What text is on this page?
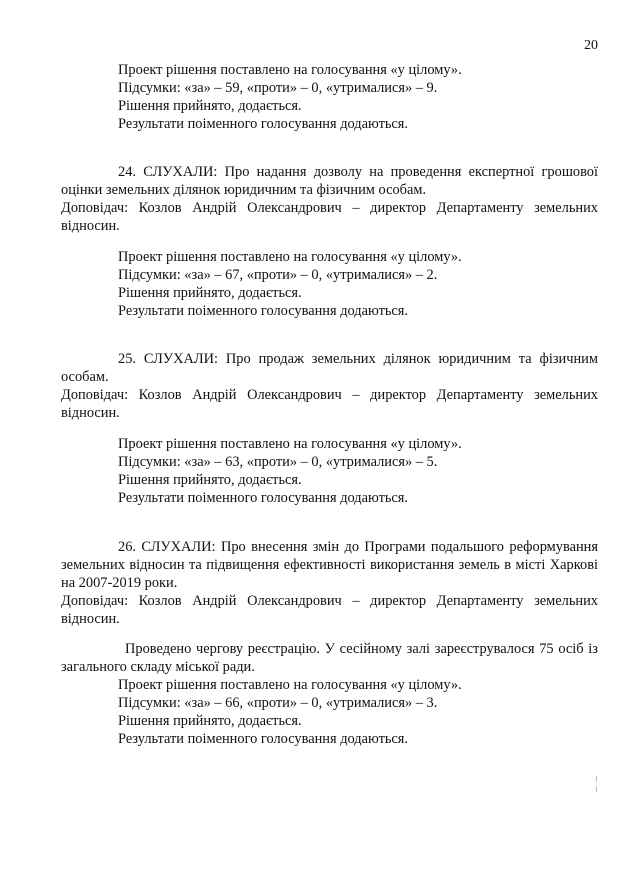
20
Проект рішення поставлено на голосування «у цілому».
Підсумки: «за» – 59, «проти» – 0, «утрималися» – 9.
Рішення прийнято, додається.
Результати поіменного голосування додаються.
24. СЛУХАЛИ: Про надання дозволу на проведення експертної грошової оцінки земельних ділянок юридичним та фізичним особам.
Доповідач: Козлов Андрій Олександрович – директор Департаменту земельних відносин.
Проект рішення поставлено на голосування «у цілому».
Підсумки: «за» – 67, «проти» – 0, «утрималися» – 2.
Рішення прийнято, додається.
Результати поіменного голосування додаються.
25. СЛУХАЛИ: Про продаж земельних ділянок юридичним та фізичним особам.
Доповідач: Козлов Андрій Олександрович – директор Департаменту земельних відносин.
Проект рішення поставлено на голосування «у цілому».
Підсумки: «за» – 63, «проти» – 0, «утрималися» – 5.
Рішення прийнято, додається.
Результати поіменного голосування додаються.
26. СЛУХАЛИ: Про внесення змін до Програми подальшого реформування земельних відносин та підвищення ефективності використання земель в місті Харкові на 2007-2019 роки.
Доповідач: Козлов Андрій Олександрович – директор Департаменту земельних відносин.
Проведено чергову реєстрацію. У сесійному залі зареєструвалося 75 осіб із загального складу міської ради.
Проект рішення поставлено на голосування «у цілому».
Підсумки: «за» – 66, «проти» – 0, «утрималися» – 3.
Рішення прийнято, додається.
Результати поіменного голосування додаються.
